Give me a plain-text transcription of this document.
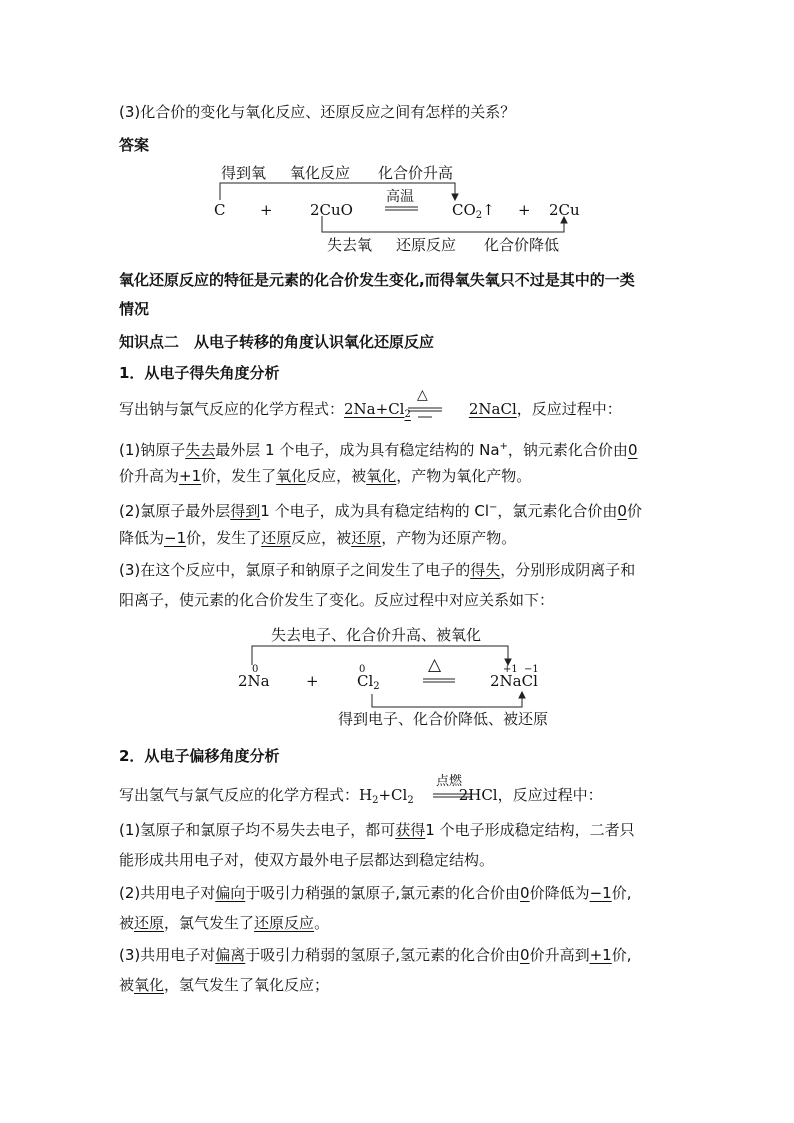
(3)化合价的变化与氧化反应、还原反应之间有怎样的关系？
答案
得到氧 氧化反应 化合价升高
C + 2CuO
高温
$CO_2↑ + 2Cu$
失去氧 还原反应 化合价降低
氧化还原反应的特征是元素的化合价发生变化,而得氧失氧只不过是其中的一类
情况
知识点二　从电子转移的角度认识氧化还原反应
1．从电子得失角度分析
写出钠与氯气反应的化学方程式：$2Na+Cl_2$	2NaCl，反应过程中：
△
(1)钠原子失去最外层 1 个电子，成为具有稳定结构的 Na+，钠元素化合价由0
价升高为+1价，发生了氧化反应，被氧化，产物为氧化产物。
(2)氯原子最外层得到1 个电子，成为具有稳定结构的 Cl−，氯元素化合价由0价
降低为−1价，发生了还原反应，被还原，产物为还原产物。
(3)在这个反应中，氯原子和钠原子之间发生了电子的得失，分别形成阴离子和
阳离子，使元素的化合价发生了变化。反应过程中对应关系如下：
失去电子、化合价升高、被氧化
0
2Na +
0
$Cl_2$
△	+1 −1
2NaCl
得到电子、化合价降低、被还原
2．从电子偏移角度分析
写出氢气与氯气反应的化学方程式：$H_2+Cl_2$	2HCl，反应过程中：
点燃
(1)氢原子和氯原子均不易失去电子，都可获得1 个电子形成稳定结构，二者只
能形成共用电子对，使双方最外电子层都达到稳定结构。
(2)共用电子对偏向于吸引力稍强的氯原子,氯元素的化合价由0价降低为−1价,
被还原，氯气发生了还原反应。
(3)共用电子对偏离于吸引力稍弱的氢原子,氢元素的化合价由0价升高到+1价,
被氧化，氢气发生了氧化反应；
